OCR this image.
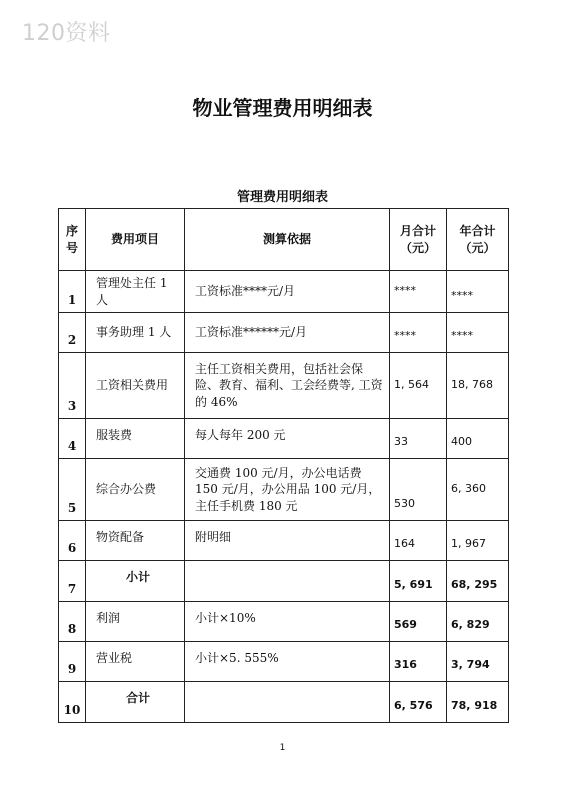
120资料
物业管理费用明细表
管理费用明细表
序号	费用项目	测算依据	月合计（元）	年合计（元）
1	管理处主任 1 人	工资标准****元/月	****	****
2	事务助理 1 人	工资标准******元/月	****	****
3	工资相关费用	主任工资相关费用，包括社会保险、教育、福利、工会经费等, 工资的 46%	1, 564	18, 768
4	服装费	每人每年 200 元	33	400
5	综合办公费	交通费 100 元/月，办公电话费 150 元/月，办公用品 100 元/月，主任手机费 180 元	530	6, 360
6	物资配备	附明细	164	1, 967
7	小计		5, 691	68, 295
8	利润	小计×10%	569	6, 829
9	营业税	小计×5. 555%	316	3, 794
10	合计		6, 576	78, 918
1
